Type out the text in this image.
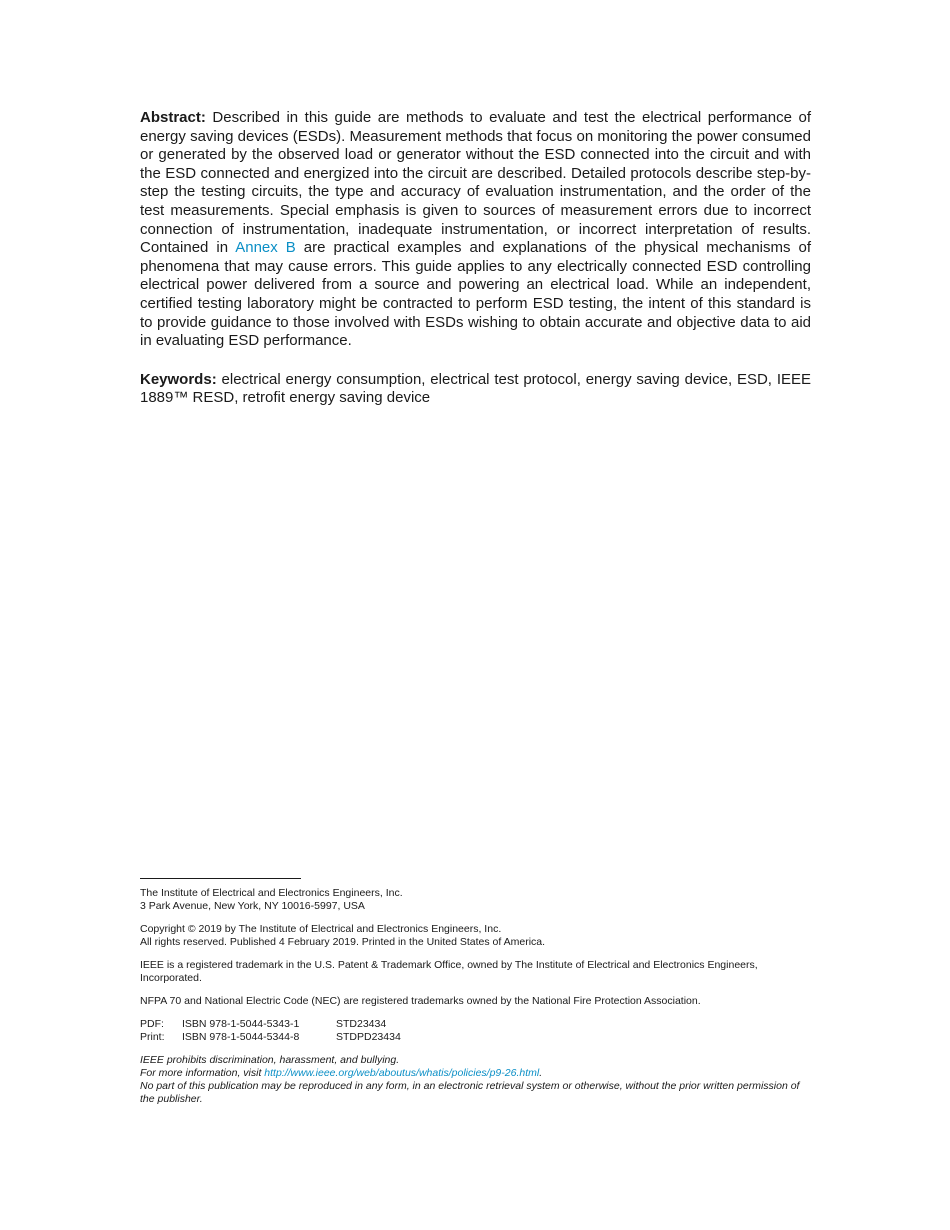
Abstract: Described in this guide are methods to evaluate and test the electrical performance of energy saving devices (ESDs). Measurement methods that focus on monitoring the power consumed or generated by the observed load or generator without the ESD connected into the circuit and with the ESD connected and energized into the circuit are described. Detailed protocols describe step-by-step the testing circuits, the type and accuracy of evaluation instrumentation, and the order of the test measurements. Special emphasis is given to sources of measurement errors due to incorrect connection of instrumentation, inadequate instrumentation, or incorrect interpretation of results. Contained in Annex B are practical examples and explanations of the physical mechanisms of phenomena that may cause errors. This guide applies to any electrically connected ESD controlling electrical power delivered from a source and powering an electrical load. While an independent, certified testing laboratory might be contracted to perform ESD testing, the intent of this standard is to provide guidance to those involved with ESDs wishing to obtain accurate and objective data to aid in evaluating ESD performance.

Keywords: electrical energy consumption, electrical test protocol, energy saving device, ESD, IEEE 1889™ RESD, retrofit energy saving device

The Institute of Electrical and Electronics Engineers, Inc.
3 Park Avenue, New York, NY 10016-5997, USA
Copyright © 2019 by The Institute of Electrical and Electronics Engineers, Inc.
All rights reserved. Published 4 February 2019. Printed in the United States of America.
IEEE is a registered trademark in the U.S. Patent & Trademark Office, owned by The Institute of Electrical and Electronics Engineers, Incorporated.
NFPA 70 and National Electric Code (NEC) are registered trademarks owned by the National Fire Protection Association.
PDF:	ISBN 978-1-5044-5343-1	STD23434
Print:	ISBN 978-1-5044-5344-8	STDPD23434
IEEE prohibits discrimination, harassment, and bullying.
For more information, visit http://www.ieee.org/web/aboutus/whatis/policies/p9-26.html.
No part of this publication may be reproduced in any form, in an electronic retrieval system or otherwise, without the prior written permission of the publisher.
